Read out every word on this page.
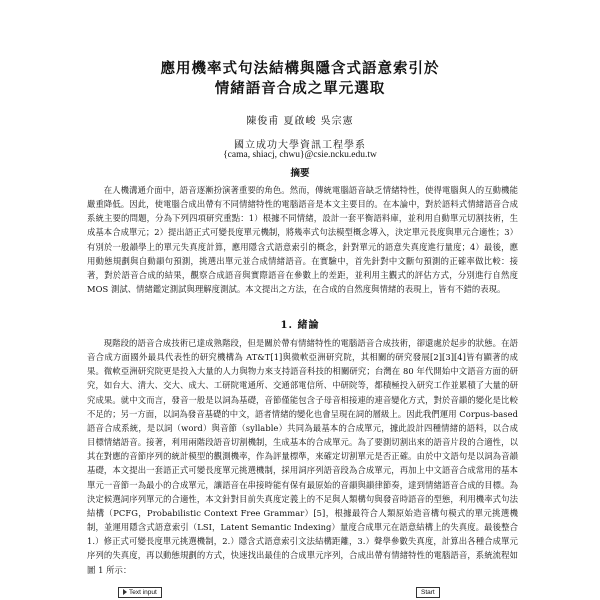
應用機率式句法結構與隱含式語意索引於
情緒語音合成之單元選取
陳俊甫 夏啟峻 吳宗憲
國立成功大學資訊工程學系
{cama, shiacj, chwu}@csie.ncku.edu.tw
摘要

在人機溝通介面中，語音逐漸扮演著重要的角色。然而，傳統電腦語音缺乏情緒特性，使得電腦與人的互動機能嚴重降低。因此，使電腦合成出帶有不同情緒特性的電腦語音是本文主要目的。在本論中，對於語料式情緒語音合成系統主要的問題，分為下列四項研究重點：1）根據不同情緒，設計一套平衡語料庫，並利用自動單元切割技術，生成基本合成單元；2）提出語正式可變長度單元機制，將幾率式句法模型概念導入，決定單元長度與單元合適性；3）有別於一般韻學上的單元失真度計算，應用隱含式語意索引的概念，針對單元的語意失真度進行量度；4）最後，應用動態規劃與自動韻句預測，挑選出單元並合成情緒語音。在實驗中，首先針對中文斷句預測的正確率做比較：接著，對於語音合成的結果，觀察合成語音與實際語音在參數上的差距，並利用主觀式的評估方式，分別進行自然度 MOS 測試、情緒鑑定測試與理解度測試。本文提出之方法，在合成的自然度與情緒的表現上，皆有不錯的表現。

1. 緒論

現階段的語音合成技術已達成熟階段，但是關於帶有情緒特性的電腦語音合成技術，卻還處於起步的狀態。在語音合成方面國外最具代表性的研究機構為 AT&T[1]與微軟亞洲研究院，其相關的研究發展[2][3][4]皆有顯著的成果。微軟亞洲研究院更是投入大量的人力與物力來支持語音科技的相關研究；台灣在 80 年代開始中文語音方面的研究，如台大、清大、交大、成大、工研院電通所、交通部電信所、中研院等，都積極投入研究工作並累積了大量的研究成果。就中文而言，發音一般是以詞為基礎，音節僅能包含子母音相接連的連音變化方式，對於音韻的變化是比較不足的；另一方面，以詞為發音基礎的中文，語者情緒的變化也會呈現在詞的層級上。因此我們運用 Corpus-based 語音合成系統，是以詞（word）與音節（syllable）共同為最基本的合成單元，據此設計四種情緒的語料，以合成目標情緒語音。接著，利用兩階段語音切割機制，生成基本的合成單元。為了要測切割出來的語音片段的合適性，以其在對應的音節序列的統計模型的觀測機率，作為評量標準，來確定切割單元是否正確。由於中文語句是以詞為音韻基礎，本文提出一套語正式可變長度單元挑選機制，採用詞序列語音段為合成單元，再加上中文語音合成常用的基本單元一音節一為最小的合成單元，讓語音在串接時能有保有最原始的音韻與韻律節奏，達到情緒語音合成的目標。為決定候選詞序列單元的合適性，本文針對目前失真度定義上的不足與人類構句與發音時語音的型態，利用機率式句法結構（PCFG，Probabilistic Context Free Grammar）[5]，根據最符合人類原始造音構句模式的單元挑選機制，並運用隱含式語意索引（LSI，Latent Semantic Indexing）量度合成單元在語意結構上的失真度。最後整合 1.）修正式可變長度單元挑選機制，2.）隱含式語意索引文法結構距離，3.）聲學參數失真度，計算出各種合成單元序列的失真度，再以動態規劃的方式，快速找出最佳的合成單元序列，合成出帶有情緒特性的電腦語音，系統流程如圖 1 所示：

Text input	Start
